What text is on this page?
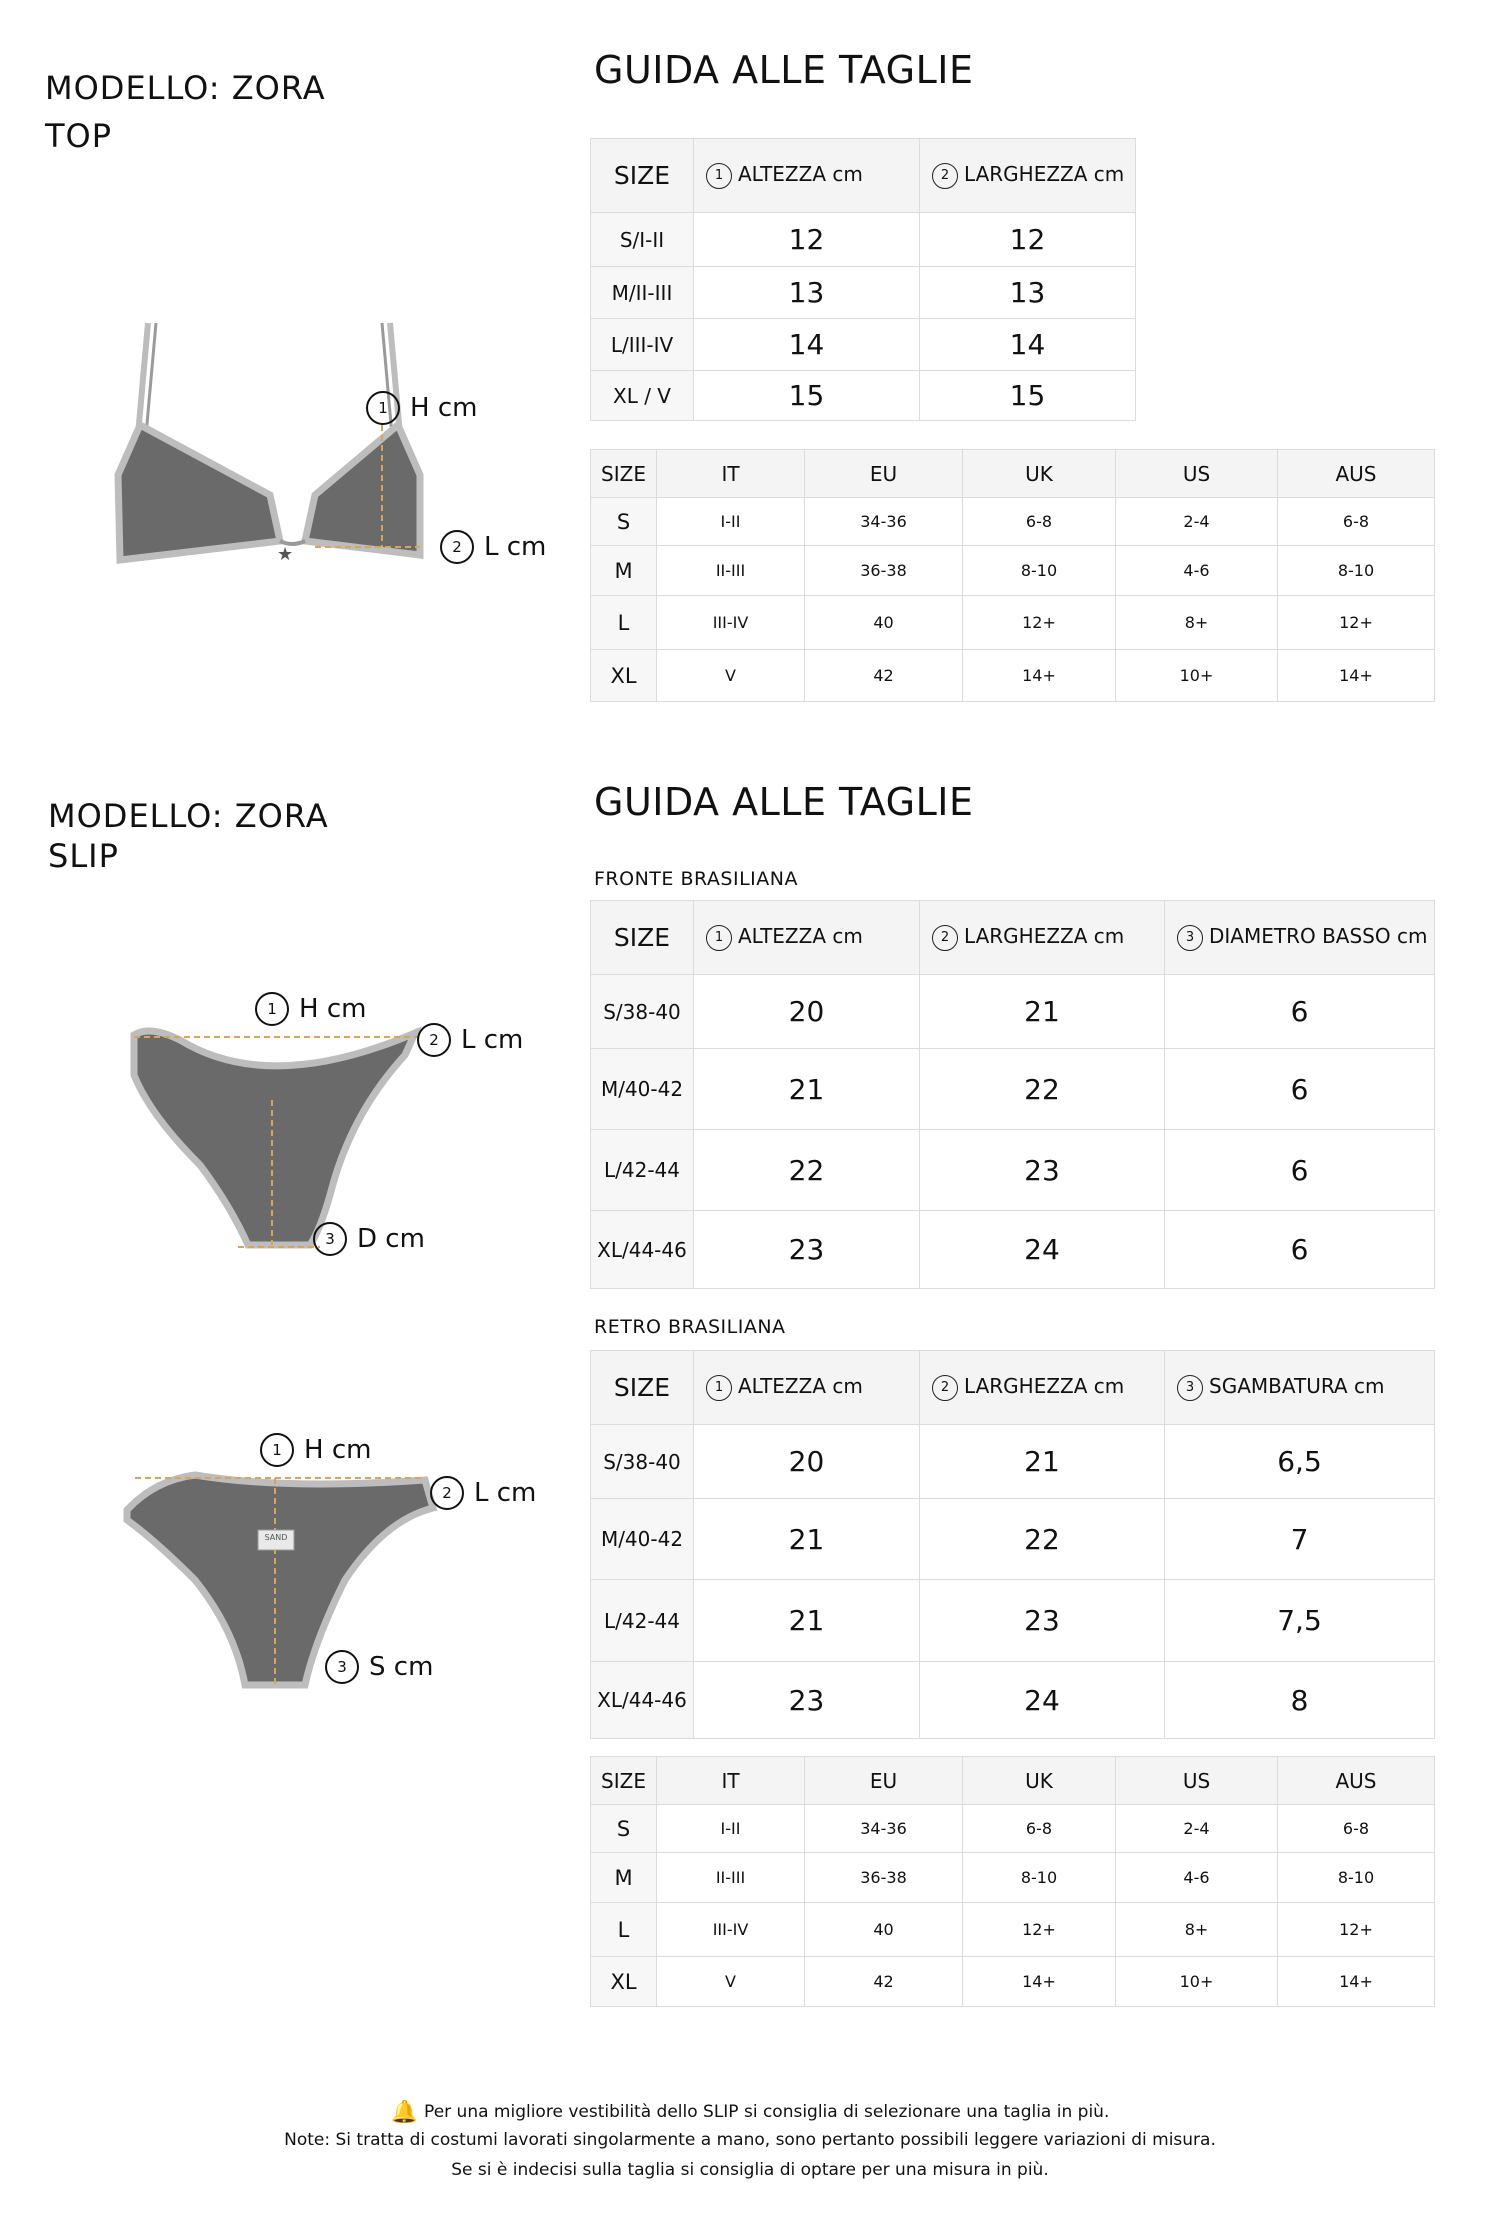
MODELLO: ZORA
TOP
GUIDA ALLE TAGLIE
★
1 H cm
2 L cm
SIZE	1 ALTEZZA cm	2 LARGHEZZA cm
S/I-II	12	12
M/II-III	13	13
L/III-IV	14	14
XL / V	15	15
SIZE	IT	EU	UK	US	AUS
S	I-II	34-36	6-8	2-4	6-8
M	II-III	36-38	8-10	4-6	8-10
L	III-IV	40	12+	8+	12+
XL	V	42	14+	10+	14+
MODELLO: ZORA
SLIP
GUIDA ALLE TAGLIE
FRONTE BRASILIANA
1 H cm
2 L cm
3 D cm
SIZE	1 ALTEZZA cm	2 LARGHEZZA cm	3 DIAMETRO BASSO cm
S/38-40	20	21	6
M/40-42	21	22	6
L/42-44	22	23	6
XL/44-46	23	24	6
RETRO BRASILIANA
SAND
1 H cm
2 L cm
3 S cm
SIZE	1 ALTEZZA cm	2 LARGHEZZA cm	3 SGAMBATURA cm
S/38-40	20	21	6,5
M/40-42	21	22	7
L/42-44	21	23	7,5
XL/44-46	23	24	8
SIZE	IT	EU	UK	US	AUS
S	I-II	34-36	6-8	2-4	6-8
M	II-III	36-38	8-10	4-6	8-10
L	III-IV	40	12+	8+	12+
XL	V	42	14+	10+	14+
🔔 Per una migliore vestibilità dello SLIP si consiglia di selezionare una taglia in più.
Note: Si tratta di costumi lavorati singolarmente a mano, sono pertanto possibili leggere variazioni di misura.
Se si è indecisi sulla taglia si consiglia di optare per una misura in più.
